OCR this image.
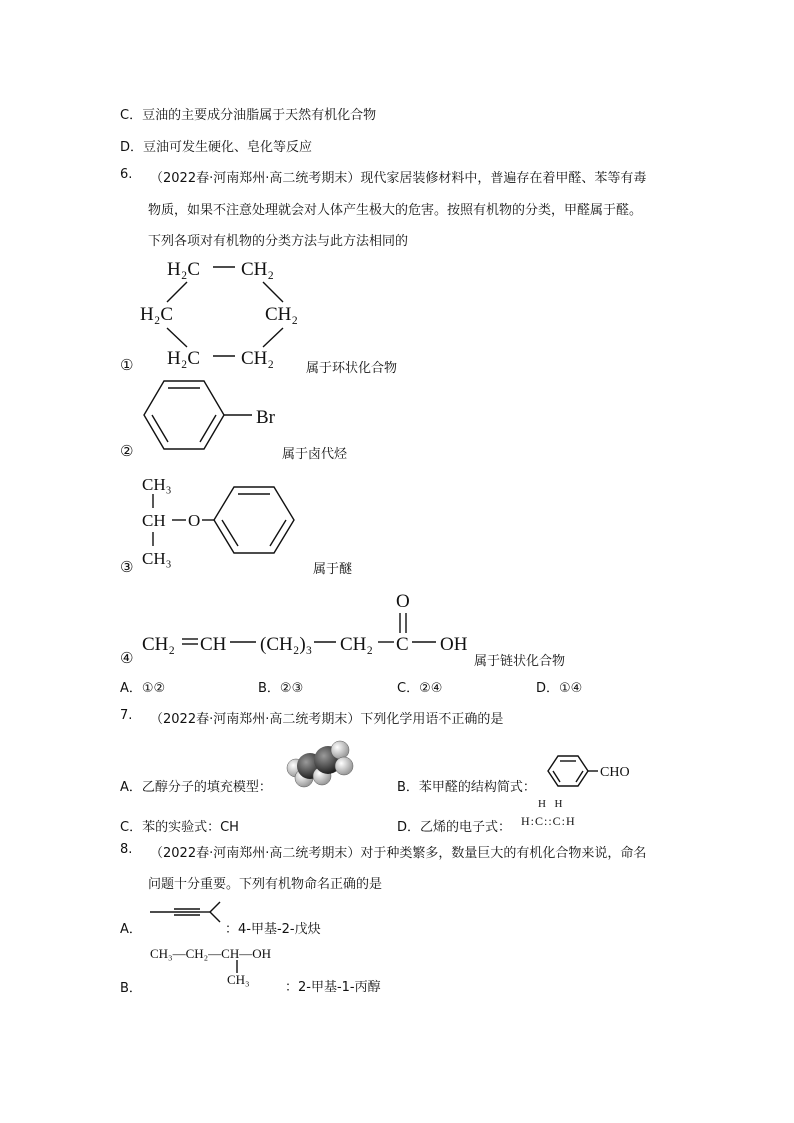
C．豆油的主要成分油脂属于天然有机化合物
D．豆油可发生硬化、皂化等反应
6. （2022春·河南郑州·高二统考期末）现代家居装修材料中，普遍存在着甲醛、苯等有毒
物质，如果不注意处理就会对人体产生极大的危害。按照有机物的分类，甲醛属于醛。
下列各项对有机物的分类方法与此方法相同的
H₂C CH₂
H₂C	CH₂
H₂C CH₂
①	属于环状化合物
Br
②	属于卤代烃
CH₃
CH O
CH₃
③	属于醚
O
CH₂ CH (CH₂)₃ CH₂ C OH
④	属于链状化合物
A．①②	B．②③	C．②④	D．①④
7. （2022春·河南郑州·高二统考期末）下列化学用语不正确的是
A．乙醇分子的填充模型：	B．苯甲醛的结构简式：
CHO
C．苯的实验式：CH	D．乙烯的电子式：
H  H
H:C::C:H
8. （2022春·河南郑州·高二统考期末）对于种类繁多，数量巨大的有机化合物来说，命名
问题十分重要。下列有机物命名正确的是
A．	：4-甲基-2-戊炔
CH₃—CH₂—CH—OH
CH₃
B．	：2-甲基-1-丙醇
